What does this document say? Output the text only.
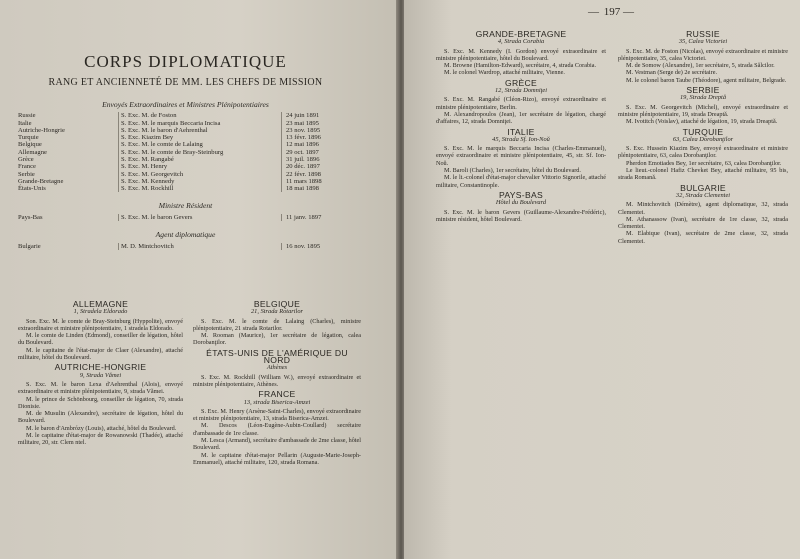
CORPS DIPLOMATIQUE
RANG ET ANCIENNETÉ DE MM. LES CHEFS DE MISSION
Envoyés Extraordinaires et Ministres Plénipotentiaires
Russie	S. Exc. M. de Foston	24 juin 1891
Italie	S. Exc. M. le marquis Beccaria Incisa	23 mai 1895
Autriche-Hongrie	S. Exc. M. le baron d'Aehrenthal	23 nov. 1895
Turquie	S. Exc. Kiazim Bey	13 févr. 1896
Belgique	S. Exc. M. le comte de Lalaing	12 mai 1896
Allemagne	S. Exc. M. le comte de Bray-Steinburg	29 oct. 1897
Grèce	S. Exc. M. Rangabé	31 juil. 1896
France	S. Exc. M. Henry	20 déc. 1897
Serbie	S. Exc. M. Georgevitch	22 févr. 1898
Grande-Bretagne	S. Exc. M. Kennedy	11 mars 1898
États-Unis	S. Exc. M. Rockhill	18 mai 1898
Ministre Résident
Pays-Bas	S. Exc. M. le baron Gevers	11 janv. 1897
Agent diplomatique
Bulgarie	M. D. Mintchovitch	16 nov. 1895
ALLEMAGNE
1, Stradela Eldorado

Son. Exc. M. le comte de Bray-Steinburg (Hyppolite), envoyé extraordinaire et ministre plénipotentiaire, 1 stradela Eldorado.

M. le comte de Linden (Edmond), conseiller de légation, hôtel du Boulevard.

M. le capitaine de l'état-major de Claer (Alexandre), attaché militaire, hôtel du Boulevard.

AUTRICHE-HONGRIE
9, Strada Vămei

S. Exc. M. le baron Lexa d'Aehrenthal (Alois), envoyé extraordinaire et ministre plénipotentiaire, 9, strada Vămei.

M. le prince de Schönbourg, conseiller de légation, 70, strada Dionisie.

M. de Musulin (Alexandre), secrétaire de légation, hôtel du Boulevard.

M. le baron d'Ambrózy (Louis), attaché, hôtel du Boulevard.

M. le capitaine d'état-major de Rowanowski (Thadée), attaché militaire, 20, str. Clem ntel.

BELGIQUE
21, Strada Rotarilor

S. Exc. M. le comte de Lalaing (Charles), ministre plénipotentiaire, 21 strada Rotarilor.

M. Rooman (Maurice), 1er secrétaire de légation, calea Dorobanţilor.

ÉTATS-UNIS DE L'AMÉRIQUE DU NORD
Athènes

S. Exc. M. Rockhill (William W.), envoyé extraordinaire et ministre plénipotentiaire, Athènes.

FRANCE
13, strada Biserica-Amzei

S. Exc. M. Henry (Arsène-Saint-Charles), envoyé extraordinaire et ministre plénipotentiaire, 13, strada Biserica-Amzei.

M. Descos (Léon-Eugène-Aubin-Coullard) secrétaire d'ambassade de 1re classe.

M. Lesca (Armand), secrétaire d'ambassade de 2me classe, hôtel Boulevard.

M. le capitaine d'état-major Pellarin (Auguste-Marie-Joseph-Emmanuel), attaché militaire, 120, strada Romana.

— 197 —
GRANDE-BRETAGNE
4, Strada Corabia

S. Exc. M. Kennedy (I. Gordon) envoyé extraordinaire et ministre plénipotentiaire, hôtel du Boulevard.

M. Browne (Hamilton-Edward), secrétaire, 4, strada Corabia.

M. le colonel Wardrop, attaché militaire, Vienne.

GRÈCE
12, Strada Domniţei

S. Exc. M. Rangabé (Cléon-Rizo), envoyé extraordinaire et ministre plénipotentiaire, Berlin.

M. Alexandropoulos (Jean), 1er secrétaire de légation, chargé d'affaires, 12, strada Domniţei.

ITALIE
45, Strada Sf. Ion-Noŭ

S. Exc. M. le marquis Beccaria Incisa (Charles-Emmanuel), envoyé extraordinaire et ministre plénipotentiaire, 45, str. Sf. Ion-Noŭ.

M. Baroli (Charles), 1er secrétaire, hôtel du Boulevard.

M. le lt.-colonel d'état-major chevalier Vittorio Signorile, attaché militaire, Constantinople.

PAYS-BAS
Hôtel du Boulevard

S. Exc. M. le baron Gevers (Guillaume-Alexandre-Frédéric), ministre résident, hôtel Boulevard.

RUSSIE
35, Calea Victoriei

S. Exc. M. de Foston (Nicolas), envoyé extraordinaire et ministre plénipotentiaire, 35, calea Victoriei.

M. de Somow (Alexandre), 1er secrétaire, 5, strada Sălcilor.

M. Vestman (Serge de) 2e secrétaire.

M. le colonel baron Taube (Théodore), agent militaire, Belgrade.

SERBIE
19, Strada Dreptă

S. Exc. M. Georgevitch (Michel), envoyé extraordinaire et ministre plénipotentiaire, 19, strada Dreaptă.

M. Ivotitch (Voislav), attaché de légation, 19, strada Dreaptă.

TURQUIE
63, Calea Dorobanţilor

S. Exc. Hussein Kiazim Bey, envoyé extraordinaire et ministre plénipotentiaire, 63, calea Dorobanţilor.

Pherdon Emotiades Bey, 1er secrétaire, 63, calea Dorobanţilor.

Le lieut.-colonel Hafiz Chevket Bey, attaché militaire, 95 bis, strada Romană.

BULGARIE
32, Strada Clementei

M. Mintchovitch (Démètre), agent diplomatique, 32, strada Clementei.

M. Athanassow (Ivan), secrétaire de 1re classe, 32, strada Clementei.

M. Elabique (Ivan), secrétaire de 2me classe, 32, strada Clementei.
